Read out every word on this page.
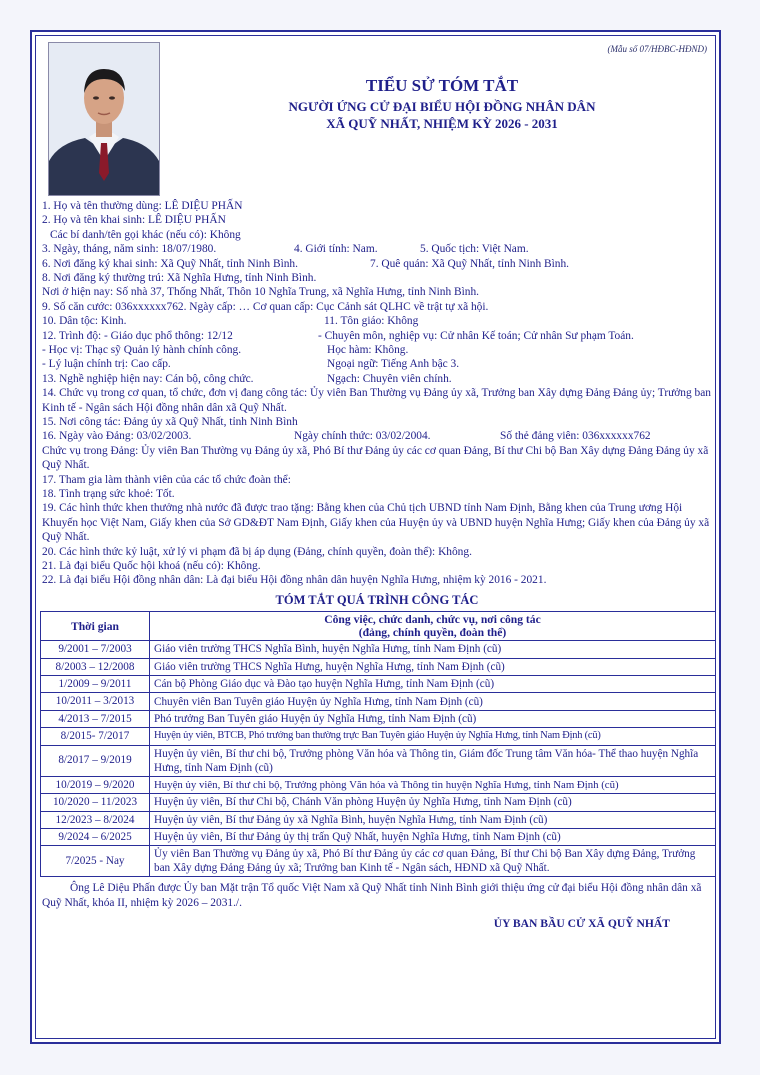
(Mẫu số 07/HĐBC-HĐND)
TIỂU SỬ TÓM TẮT
NGƯỜI ỨNG CỬ ĐẠI BIỂU HỘI ĐỒNG NHÂN DÂN
XÃ QUỸ NHẤT, NHIỆM KỲ 2026 - 2031
1. Họ và tên thường dùng: LÊ DIỆU PHẤN
2. Họ và tên khai sinh: LÊ DIỆU PHẤN
Các bí danh/tên gọi khác (nếu có): Không
3. Ngày, tháng, năm sinh: 18/07/1980.	4. Giới tính: Nam.	5. Quốc tịch: Việt Nam.
6. Nơi đăng ký khai sinh: Xã Quỹ Nhất, tỉnh Ninh Bình.	7. Quê quán: Xã Quỹ Nhất, tỉnh Ninh Bình.
8. Nơi đăng ký thường trú: Xã Nghĩa Hưng, tỉnh Ninh Bình.
Nơi ở hiện nay: Số nhà 37, Thống Nhất, Thôn 10 Nghĩa Trung, xã Nghĩa Hưng, tỉnh Ninh Bình.
9. Số căn cước: 036xxxxxx762. Ngày cấp: … Cơ quan cấp: Cục Cảnh sát QLHC về trật tự xã hội.
10. Dân tộc: Kinh.	11. Tôn giáo: Không
12. Trình độ: - Giáo dục phổ thông: 12/12	- Chuyên môn, nghiệp vụ: Cử nhân Kế toán; Cử nhân Sư phạm Toán.
- Học vị: Thạc sỹ Quản lý hành chính công.	Học hàm: Không.
- Lý luận chính trị: Cao cấp.	Ngoại ngữ: Tiếng Anh bậc 3.
13. Nghề nghiệp hiện nay: Cán bộ, công chức.	Ngạch: Chuyên viên chính.
14. Chức vụ trong cơ quan, tổ chức, đơn vị đang công tác: Ủy viên Ban Thường vụ Đảng ủy xã, Trưởng ban Xây dựng Đảng Đảng ủy; Trưởng ban Kinh tế - Ngân sách Hội đồng nhân dân xã Quỹ Nhất.
15. Nơi công tác: Đảng ủy xã Quỹ Nhất, tỉnh Ninh Bình
16. Ngày vào Đảng: 03/02/2003.	Ngày chính thức: 03/02/2004.	Số thẻ đảng viên: 036xxxxxx762
Chức vụ trong Đảng: Ủy viên Ban Thường vụ Đảng ủy xã, Phó Bí thư Đảng ủy các cơ quan Đảng, Bí thư Chi bộ Ban Xây dựng Đảng Đảng ủy xã Quỹ Nhất.
17. Tham gia làm thành viên của các tổ chức đoàn thể:
18. Tình trạng sức khoẻ: Tốt.
19. Các hình thức khen thưởng nhà nước đã được trao tặng: Bằng khen của Chủ tịch UBND tỉnh Nam Định, Bằng khen của Trung ương Hội Khuyến học Việt Nam, Giấy khen của Sở GD&ĐT Nam Định, Giấy khen của Huyện ủy và UBND huyện Nghĩa Hưng; Giấy khen của Đảng ủy xã Quỹ Nhất.
20. Các hình thức kỷ luật, xử lý vi phạm đã bị áp dụng (Đảng, chính quyền, đoàn thể): Không.
21. Là đại biểu Quốc hội khoá (nếu có): Không.
22. Là đại biểu Hội đồng nhân dân: Là đại biểu Hội đồng nhân dân huyện Nghĩa Hưng, nhiệm kỳ 2016 - 2021.
TÓM TẮT QUÁ TRÌNH CÔNG TÁC
Thời gian	Công việc, chức danh, chức vụ, nơi công tác
(đảng, chính quyền, đoàn thể)

9/2001 – 7/2003	Giáo viên trường THCS Nghĩa Bình, huyện Nghĩa Hưng, tỉnh Nam Định (cũ)
8/2003 – 12/2008	Giáo viên trường THCS Nghĩa Hưng, huyện Nghĩa Hưng, tỉnh Nam Định (cũ)
1/2009 – 9/2011	Cán bộ Phòng Giáo dục và Đào tạo huyện Nghĩa Hưng, tỉnh Nam Định (cũ)
10/2011 – 3/2013	Chuyên viên Ban Tuyên giáo Huyện ủy Nghĩa Hưng, tỉnh Nam Định (cũ)
4/2013 – 7/2015	Phó trưởng Ban Tuyên giáo Huyện ủy Nghĩa Hưng, tỉnh Nam Định (cũ)
8/2015- 7/2017	Huyện ủy viên, BTCB, Phó trưởng ban thường trực Ban Tuyên giáo Huyện ủy Nghĩa Hưng, tỉnh Nam Định (cũ)
8/2017 – 9/2019	Huyện ủy viên, Bí thư chi bộ, Trưởng phòng Văn hóa và Thông tin, Giám đốc Trung tâm Văn hóa- Thể thao huyện Nghĩa Hưng, tỉnh Nam Định (cũ)
10/2019 – 9/2020	Huyện ủy viên, Bí thư chi bộ, Trưởng phòng Văn hóa và Thông tin huyện Nghĩa Hưng, tỉnh Nam Định (cũ)
10/2020 – 11/2023	Huyện ủy viên, Bí thư Chi bộ, Chánh Văn phòng Huyện ủy Nghĩa Hưng, tỉnh Nam Định (cũ)
12/2023 – 8/2024	Huyện ủy viên, Bí thư Đảng ủy xã Nghĩa Bình, huyện Nghĩa Hưng, tỉnh Nam Định (cũ)
9/2024 – 6/2025	Huyện ủy viên, Bí thư Đảng ủy thị trấn Quỹ Nhất, huyện Nghĩa Hưng, tỉnh Nam Định (cũ)
7/2025 - Nay	Ủy viên Ban Thường vụ Đảng ủy xã, Phó Bí thư Đảng ủy các cơ quan Đảng, Bí thư Chi bộ Ban Xây dựng Đảng, Trưởng ban Xây dựng Đảng Đảng ủy xã; Trưởng ban Kinh tế - Ngân sách, HĐND xã Quỹ Nhất.
Ông Lê Diệu Phấn được Ủy ban Mặt trận Tổ quốc Việt Nam xã Quỹ Nhất tỉnh Ninh Bình giới thiệu ứng cử đại biểu Hội đồng nhân dân xã Quỹ Nhất, khóa II, nhiệm kỳ 2026 – 2031./.
ỦY BAN BẦU CỬ XÃ QUỸ NHẤT
